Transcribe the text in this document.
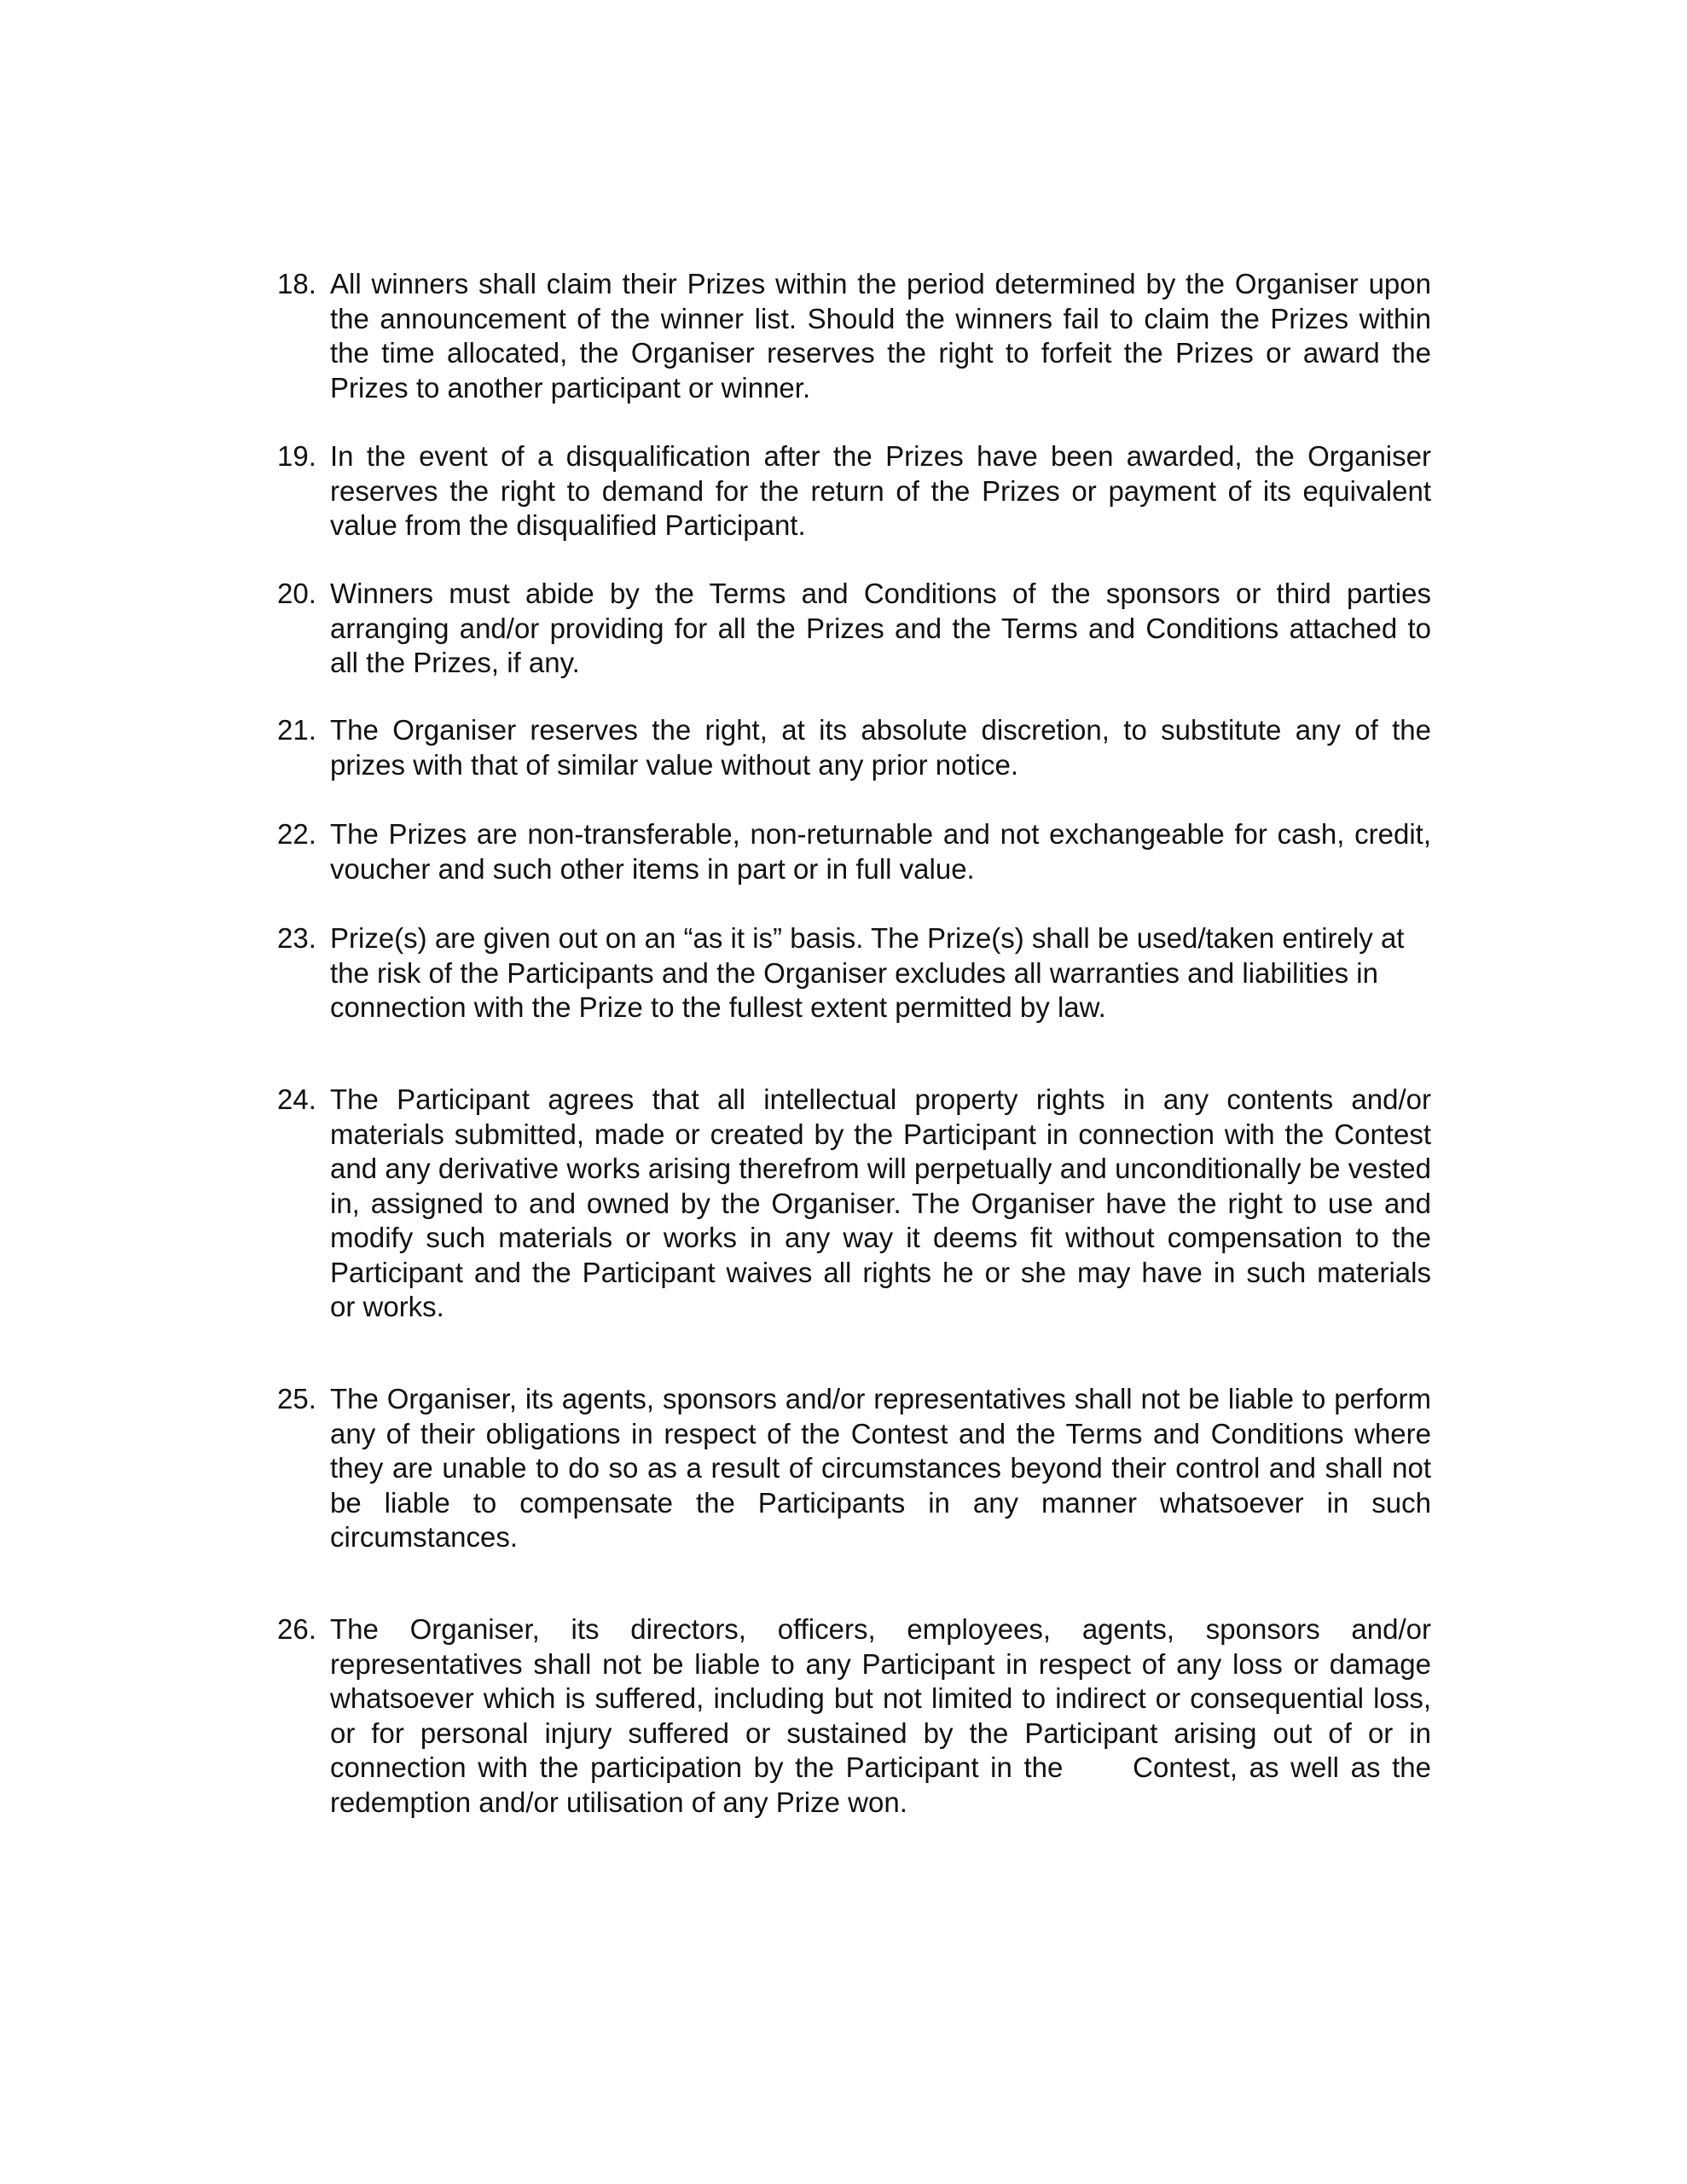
18. All winners shall claim their Prizes within the period determined by the Organiser upon the announcement of the winner list. Should the winners fail to claim the Prizes within the time allocated, the Organiser reserves the right to forfeit the Prizes or award the Prizes to another participant or winner.
19. In the event of a disqualification after the Prizes have been awarded, the Organiser reserves the right to demand for the return of the Prizes or payment of its equivalent value from the disqualified Participant.
20. Winners must abide by the Terms and Conditions of the sponsors or third parties arranging and/or providing for all the Prizes and the Terms and Conditions attached to all the Prizes, if any.
21. The Organiser reserves the right, at its absolute discretion, to substitute any of the prizes with that of similar value without any prior notice.
22. The Prizes are non-transferable, non-returnable and not exchangeable for cash, credit, voucher and such other items in part or in full value.
23. Prize(s) are given out on an “as it is” basis. The Prize(s) shall be used/taken entirely at the risk of the Participants and the Organiser excludes all warranties and liabilities in connection with the Prize to the fullest extent permitted by law.
24. The Participant agrees that all intellectual property rights in any contents and/or materials submitted, made or created by the Participant in connection with the Contest and any derivative works arising therefrom will perpetually and unconditionally be vested in, assigned to and owned by the Organiser. The Organiser have the right to use and modify such materials or works in any way it deems fit without compensation to the Participant and the Participant waives all rights he or she may have in such materials   or works.
25. The Organiser, its agents, sponsors and/or representatives shall not be liable to perform any of their obligations in respect of the Contest and the Terms and Conditions where they are unable to do so as a result of circumstances beyond their control and shall not be liable to compensate the Participants in any manner whatsoever in such circumstances.
26. The Organiser, its directors, officers, employees, agents, sponsors and/or representatives shall not be liable to any Participant in respect of any loss or damage whatsoever which is suffered, including but not limited to indirect or consequential loss, or for personal injury suffered or sustained by the Participant arising out of or in connection with the participation by the Participant in the      Contest, as well as the redemption and/or utilisation of any Prize won.
